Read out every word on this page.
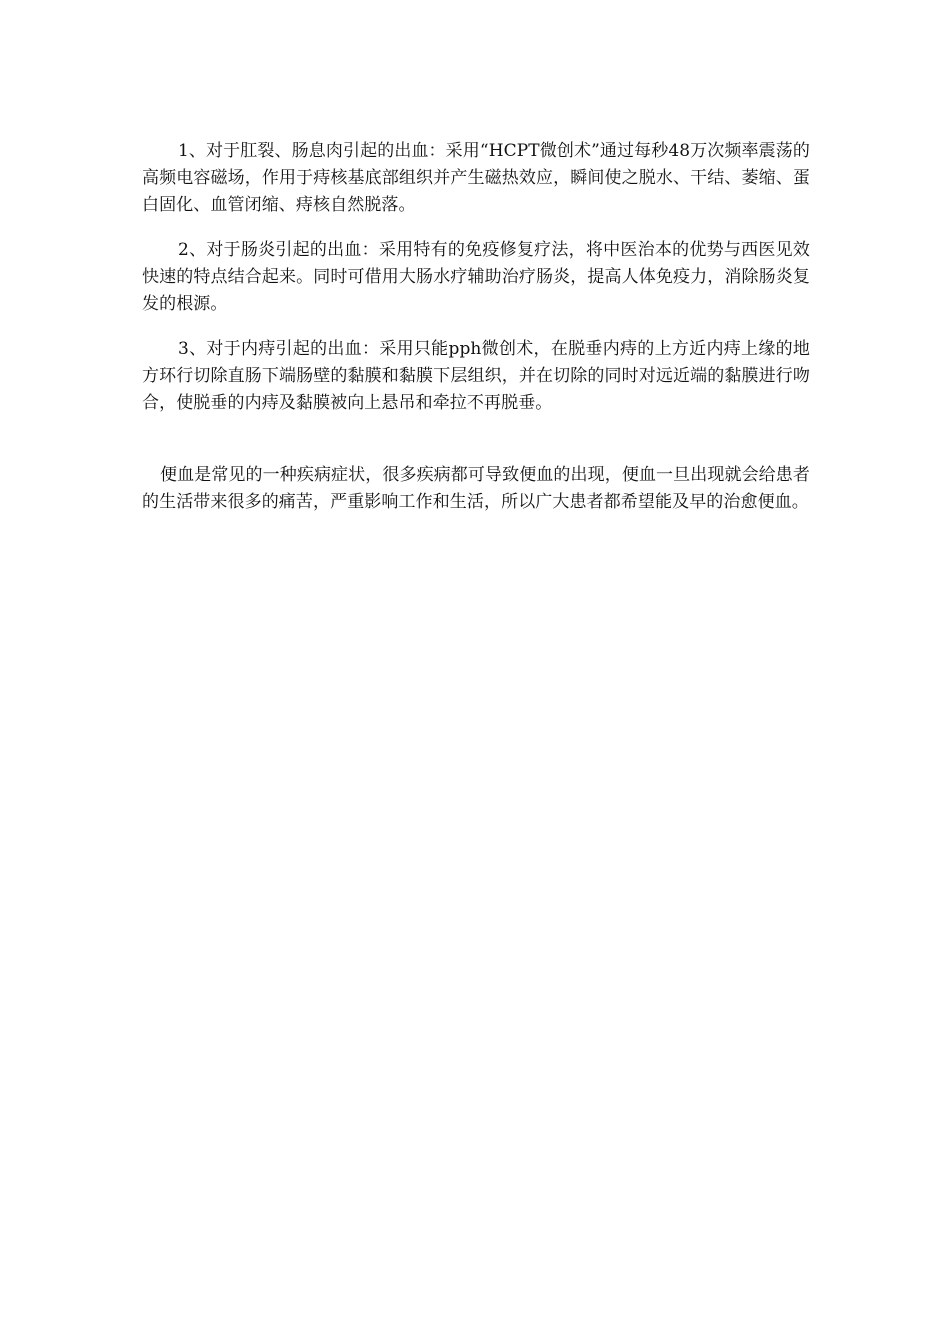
1、对于肛裂、肠息肉引起的出血：采用“HCPT微创术”通过每秒48万次频率震荡的高频电容磁场，作用于痔核基底部组织并产生磁热效应，瞬间使之脱水、干结、萎缩、蛋白固化、血管闭缩、痔核自然脱落。

2、对于肠炎引起的出血：采用特有的免疫修复疗法，将中医治本的优势与西医见效快速的特点结合起来。同时可借用大肠水疗辅助治疗肠炎，提高人体免疫力，消除肠炎复发的根源。

3、对于内痔引起的出血：采用只能pph微创术，在脱垂内痔的上方近内痔上缘的地方环行切除直肠下端肠壁的黏膜和黏膜下层组织，并在切除的同时对远近端的黏膜进行吻合，使脱垂的内痔及黏膜被向上悬吊和牵拉不再脱垂。

便血是常见的一种疾病症状，很多疾病都可导致便血的出现，便血一旦出现就会给患者的生活带来很多的痛苦，严重影响工作和生活，所以广大患者都希望能及早的治愈便血。
